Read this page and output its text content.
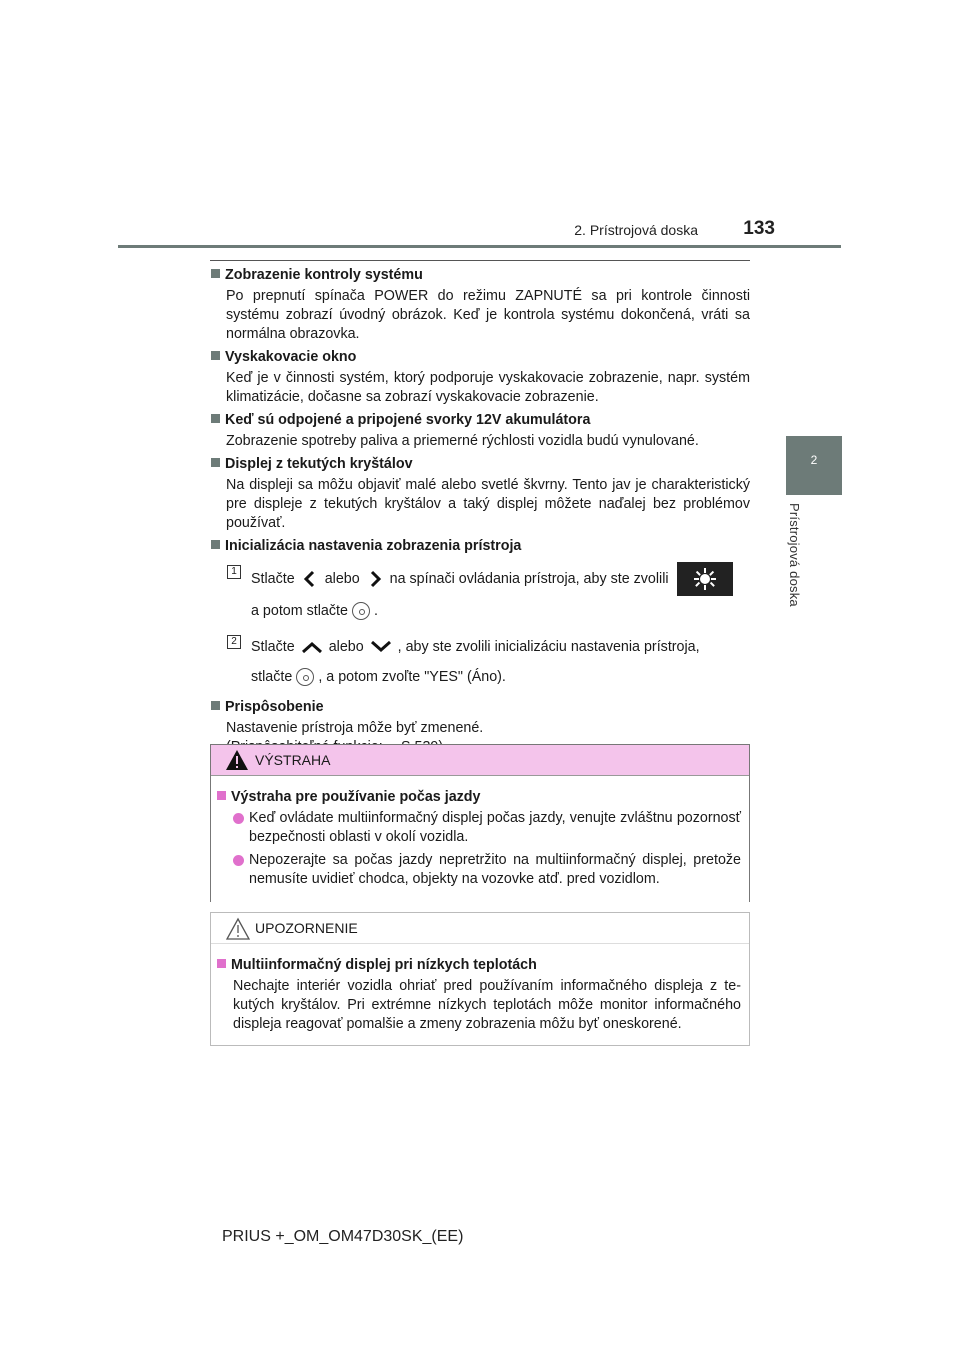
2. Prístrojová doska 133
2
Prístrojová doska
Zobrazenie kontroly systému

Po prepnutí spínača POWER do režimu ZAPNUTÉ sa pri kontrole činnosti systému zobrazí úvodný obrázok. Keď je kontrola systému dokončená, vráti sa normálna obrazovka.

Vyskakovacie okno

Keď je v činnosti systém, ktorý podporuje vyskakovacie zobrazenie, napr. systém klimatizácie, dočasne sa zobrazí vyskakovacie zobrazenie.

Keď sú odpojené a pripojené svorky 12V akumulátora

Zobrazenie spotreby paliva a priemerné rýchlosti vozidla budú vynulované.

Displej z tekutých kryštálov

Na displeji sa môžu objaviť malé alebo svetlé škvrny. Tento jav je charakteristický pre displeje z tekutých kryštálov a taký displej môžete naďalej bez problémov používať.

Inicializácia nastavenia zobrazenia prístroja
1 Stlačte alebo na spínači ovládania prístroja, aby ste zvolili
a potom stlačte .
2 Stlačte alebo , aby ste zvolili inicializáciu nastavenia prístroja,
stlačte , a potom zvoľte "YES" (Áno).
Prispôsobenie

Nastavenie prístroja môže byť zmenené.

VÝSTRAHA
Výstraha pre používanie počas jazdy
Keď ovládate multiinformačný displej počas jazdy, venujte zvláštnu pozornosť bezpečnosti oblasti v okolí vozidla.
Nepozerajte sa počas jazdy nepretržito na multiinformačný displej, pretože nemusíte uvidieť chodca, objekty na vozovke atď. pred vozidlom.
UPOZORNENIE
Multiinformačný displej pri nízkych teplotách
Nechajte interiér vozidla ohriať pred používaním informačného displeja z tekutých kryštálov. Pri extrémne nízkych teplotách môže monitor informačného displeja reagovať pomalšie a zmeny zobrazenia môžu byť oneskorené.
PRIUS +_OM_OM47D30SK_(EE)
